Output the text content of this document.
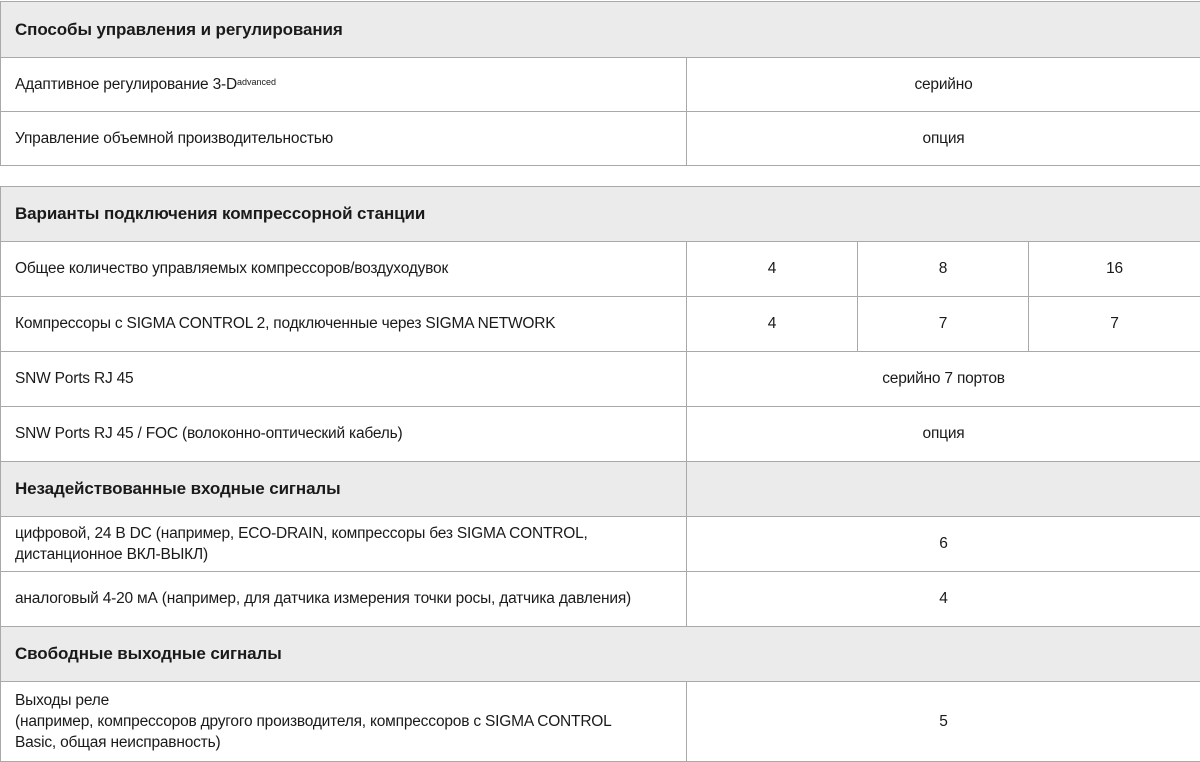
Способы управления и регулирования	
Адаптивное регулирование $3-D^{advanced}$	серийно
Управление объемной производительностью	опция
Варианты подключения компрессорной станции			
Общее количество управляемых компрессоров/воздуходувок	4	8	16
Компрессоры с SIGMA CONTROL 2, подключенные через SIGMA NETWORK	4	7	7
SNW Ports RJ 45	серийно 7 портов		
SNW Ports RJ 45 / FOC (волоконно-оптический кабель)	опция		
Незадействованные входные сигналы			

цифровой, 24 В DC (например, ECO-DRAIN, компрессоры без SIGMA CONTROL,
дистанционное ВКЛ-ВЫКЛ)	6		
аналоговый 4-20 мА (например, для датчика измерения точки росы, датчика давления)	4		
Свободные выходные сигналы			

Выходы реле
(например, компрессоров другого производителя, компрессоров с SIGMA CONTROL
Basic, общая неисправность)	5		
